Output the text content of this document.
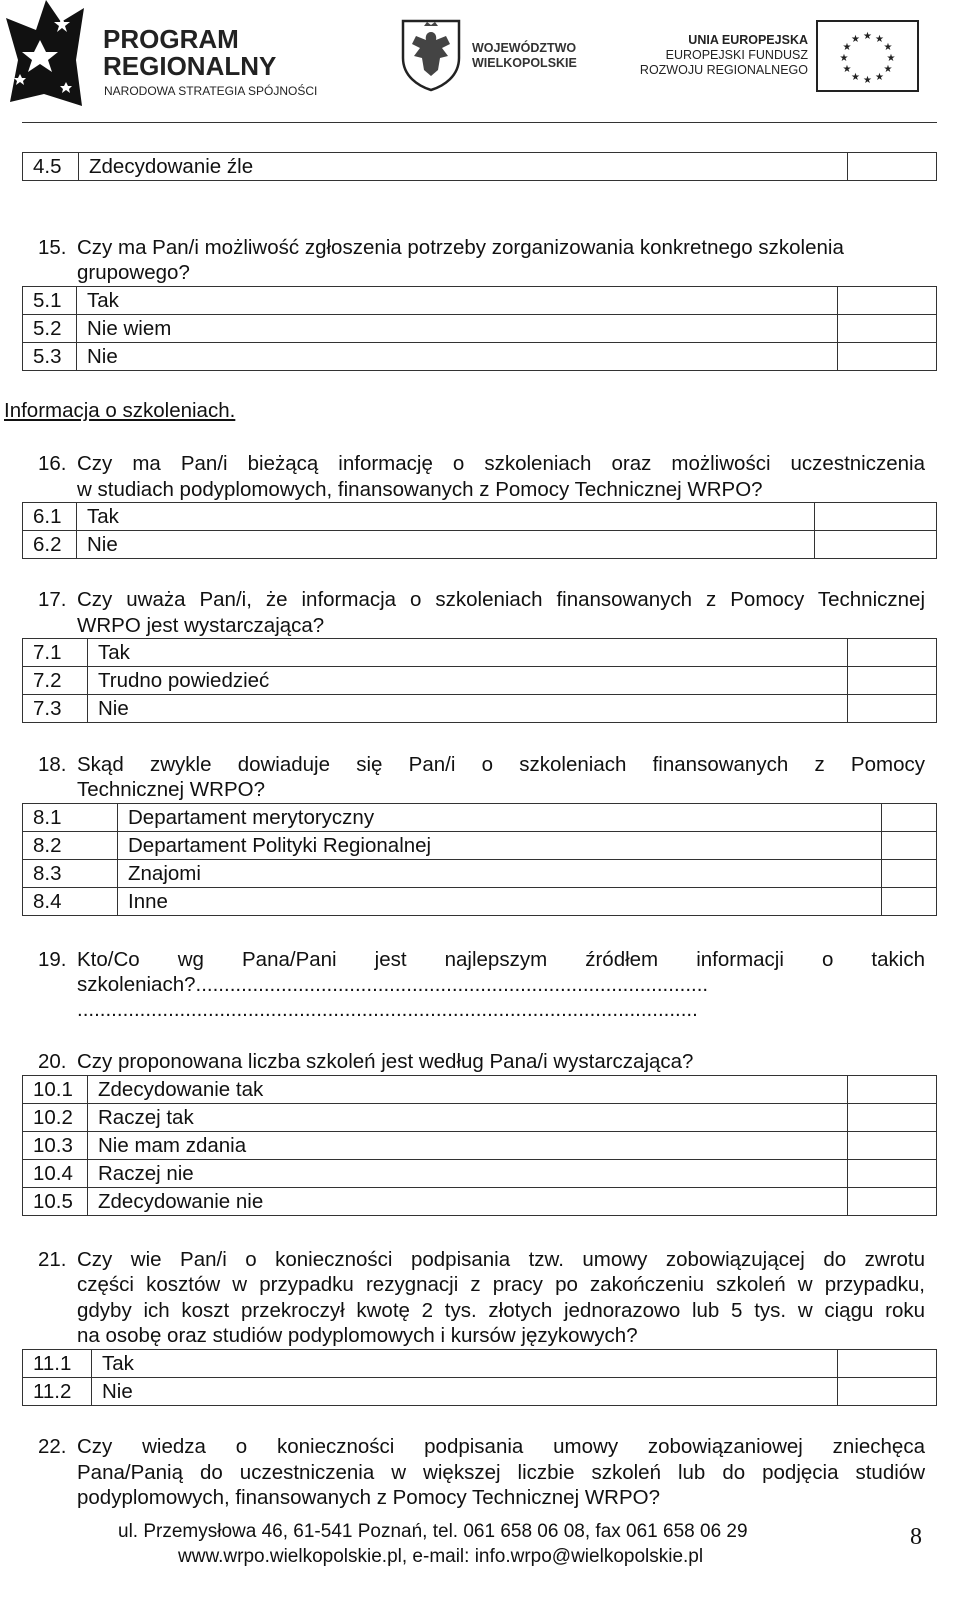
PROGRAM
REGIONALNY
NARODOWA STRATEGIA SPÓJNOŚCI
WOJEWÓDZTWO
WIELKOPOLSKIE
UNIA EUROPEJSKA
EUROPEJSKI FUNDUSZ
ROZWOJU REGIONALNEGO
★ ★
★
★
★
★
★
★
★
★
★
★
4.5	Zdecydowanie źle	
15. Czy ma Pan/i możliwość zgłoszenia potrzeby zorganizowania konkretnego szkolenia
grupowego?
5.1	Tak	
5.2	Nie wiem	
5.3	Nie	
Informacja o szkoleniach.
16. Czy ma Pan/i bieżącą informację o szkoleniach oraz możliwości uczestniczenia
w studiach podyplomowych, finansowanych z Pomocy Technicznej WRPO?
6.1	Tak	
6.2	Nie	
17. Czy uważa Pan/i, że informacja o szkoleniach finansowanych z Pomocy Technicznej
WRPO jest wystarczająca?
7.1	Tak	
7.2	Trudno powiedzieć	
7.3	Nie	
18. Skąd zwykle dowiaduje się Pan/i o szkoleniach finansowanych z Pomocy
Technicznej WRPO?
8.1	Departament merytoryczny	
8.2	Departament Polityki Regionalnej	
8.3	Znajomi	
8.4	Inne	
19. Kto/Co wg Pana/Pani jest najlepszym źródłem informacji o takich
szkoleniach?..........................................................................................
.............................................................................................................
20. Czy proponowana liczba szkoleń jest według Pana/i wystarczająca?
10.1	Zdecydowanie tak	
10.2	Raczej tak	
10.3	Nie mam zdania	
10.4	Raczej nie	
10.5	Zdecydowanie nie	
21. Czy wie Pan/i o konieczności podpisania tzw. umowy zobowiązującej do zwrotu
części kosztów w przypadku rezygnacji z pracy po zakończeniu szkoleń w przypadku,
gdyby ich koszt przekroczył kwotę 2 tys. złotych jednorazowo lub 5 tys. w ciągu roku
na osobę oraz studiów podyplomowych i kursów językowych?
11.1	Tak	
11.2	Nie	
22. Czy wiedza o konieczności podpisania umowy zobowiązaniowej zniechęca
Pana/Panią do uczestniczenia w większej liczbie szkoleń lub do podjęcia studiów
podyplomowych, finansowanych z Pomocy Technicznej WRPO?
ul. Przemysłowa 46, 61-541 Poznań, tel. 061 658 06 08, fax 061 658 06 29
www.wrpo.wielkopolskie.pl, e-mail: info.wrpo@wielkopolskie.pl
8
